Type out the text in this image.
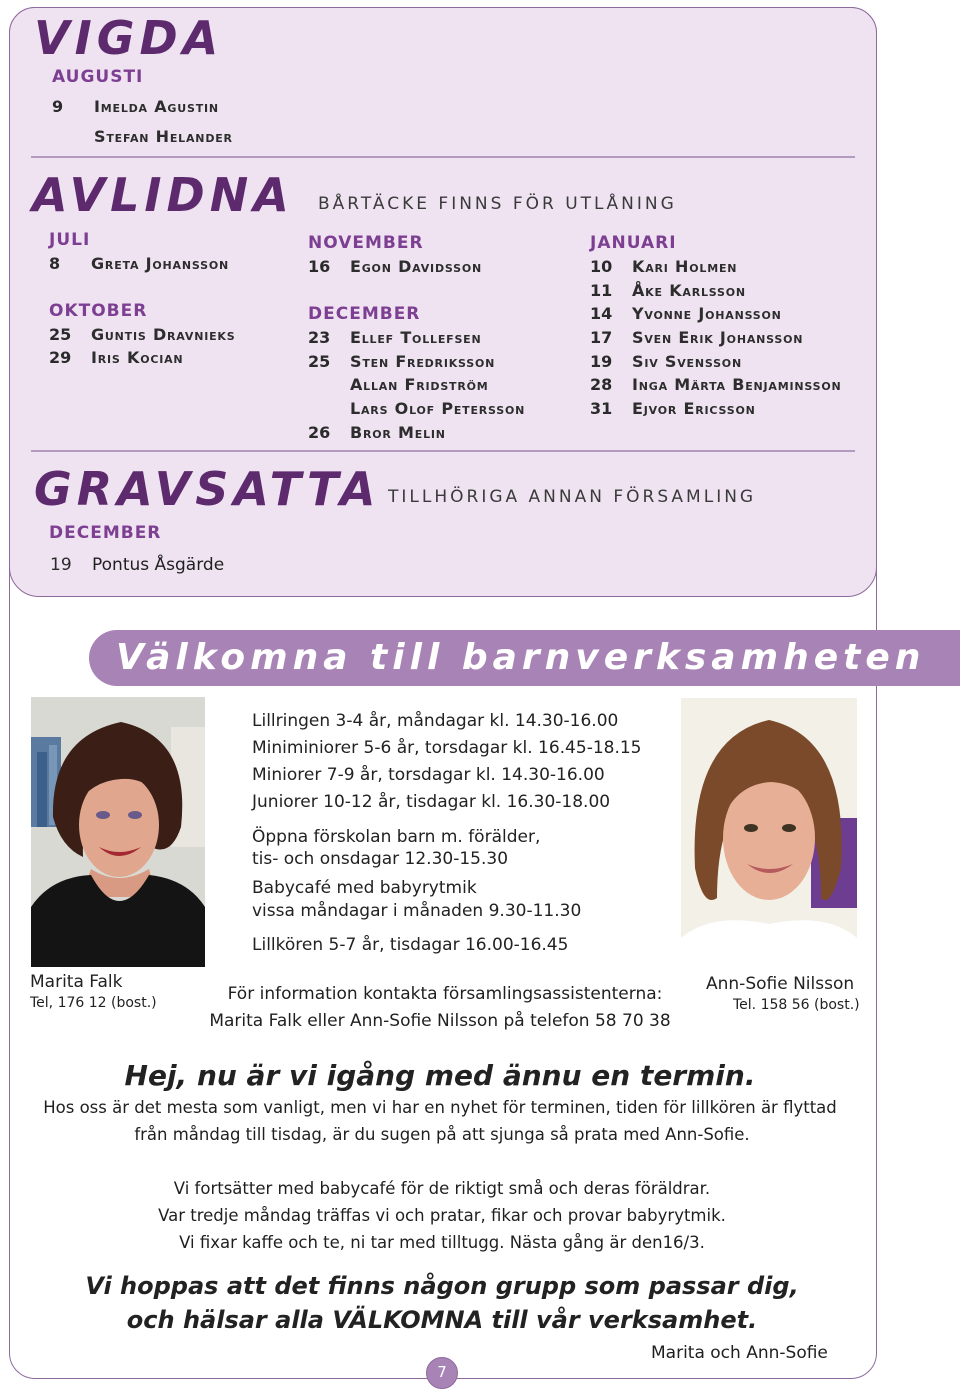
VIGDA
AUGUSTI
9 Imelda Agustin
Stefan Helander
AVLIDNA BÅRTÄCKE FINNS FÖR UTLÅNING
JULI
8 Greta Johansson
OKTOBER
25 Guntis Dravnieks
29 Iris Kocian
NOVEMBER
16 Egon Davidsson
DECEMBER
23 Ellef Tollefsen
25 Sten Fredriksson
Allan Fridström
Lars Olof Petersson
26 Bror Melin
JANUARI
10 Kari Holmen
11 Åke Karlsson
14 Yvonne Johansson
17 Sven Erik Johansson
19 Siv Svensson
28 Inga Märta Benjaminsson
31 Ejvor Ericsson
GRAVSATTA TILLHÖRIGA ANNAN FÖRSAMLING
DECEMBER
19 Pontus Åsgärde
Välkomna till barnverksamheten
Lillringen 3-4 år, måndagar kl. 14.30-16.00
Miniminiorer 5-6 år, torsdagar kl. 16.45-18.15
Miniorer 7-9 år, torsdagar kl. 14.30-16.00
Juniorer 10-12 år, tisdagar kl. 16.30-18.00
Öppna förskolan barn m. förälder,
tis- och onsdagar 12.30-15.30
Babycafé med babyrytmik
vissa måndagar i månaden 9.30-11.30
Lillkören 5-7 år, tisdagar 16.00-16.45
Marita Falk
Tel, 176 12 (bost.)
Ann-Sofie Nilsson
Tel. 158 56 (bost.)
För information kontakta församlingsassistenterna:
Marita Falk eller Ann-Sofie Nilsson på telefon 58 70 38
Hej, nu är vi igång med ännu en termin.
Hos oss är det mesta som vanligt, men vi har en nyhet för terminen, tiden för lillkören är flyttad
från måndag till tisdag, är du sugen på att sjunga så prata med Ann-Sofie.
Vi fortsätter med babycafé för de riktigt små och deras föräldrar.
Var tredje måndag träffas vi och pratar, fikar och provar babyrytmik.
Vi fixar kaffe och te, ni tar med tilltugg. Nästa gång är den16/3.
Vi hoppas att det finns någon grupp som passar dig,
och hälsar alla VÄLKOMNA till vår verksamhet.
Marita och Ann-Sofie
7
